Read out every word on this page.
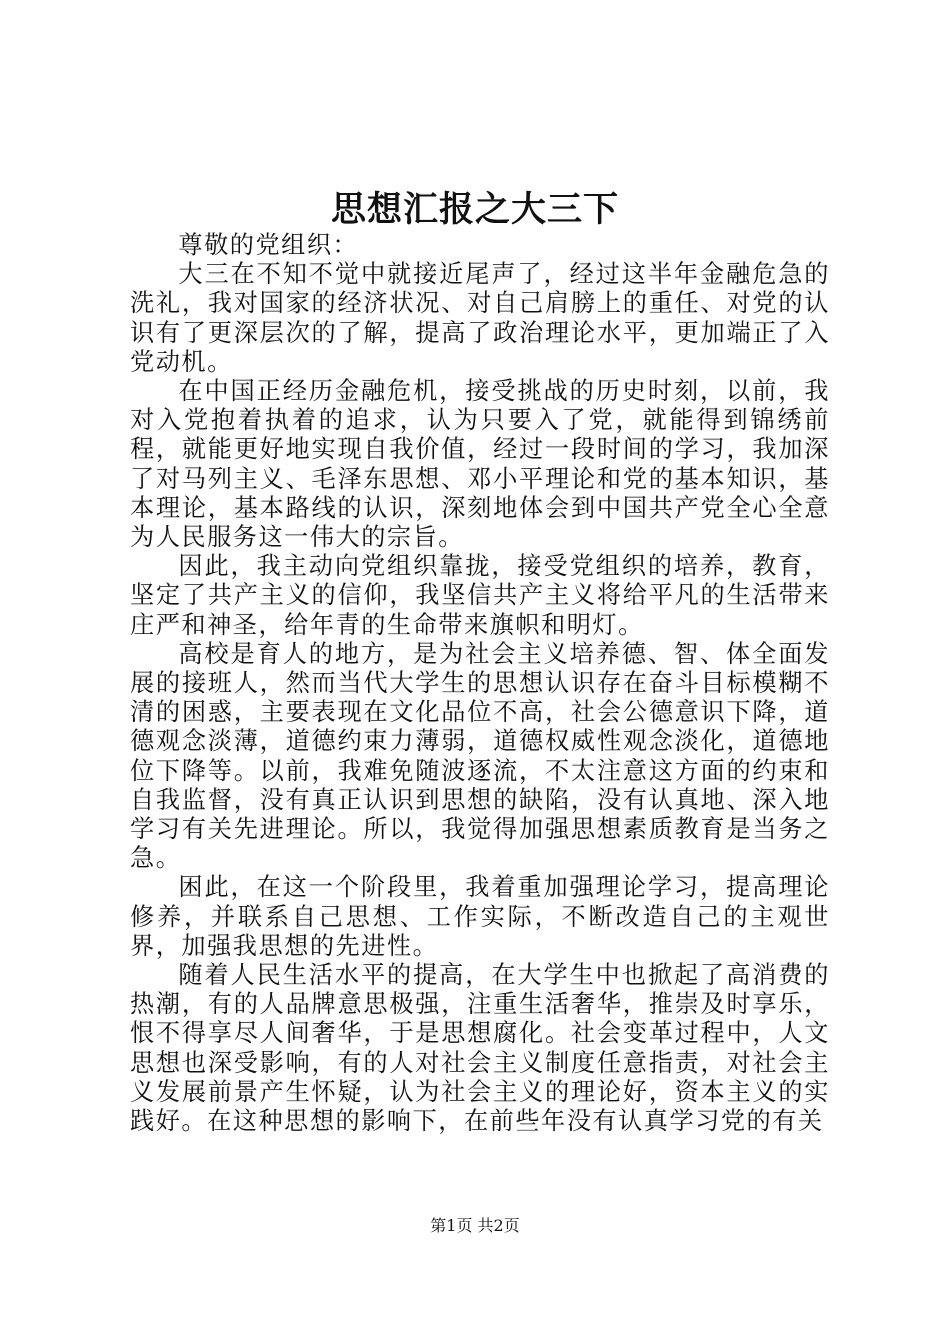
思想汇报之大三下

尊敬的党组织：

大三在不知不觉中就接近尾声了，经过这半年金融危急的洗礼，我对国家的经济状况、对自己肩膀上的重任、对党的认识有了更深层次的了解，提高了政治理论水平，更加端正了入党动机。

在中国正经历金融危机，接受挑战的历史时刻，以前，我对入党抱着执着的追求，认为只要入了党，就能得到锦绣前程，就能更好地实现自我价值，经过一段时间的学习，我加深了对马列主义、毛泽东思想、邓小平理论和党的基本知识，基本理论，基本路线的认识，深刻地体会到中国共产党全心全意为人民服务这一伟大的宗旨。

因此，我主动向党组织靠拢，接受党组织的培养，教育，坚定了共产主义的信仰，我坚信共产主义将给平凡的生活带来庄严和神圣，给年青的生命带来旗帜和明灯。

高校是育人的地方，是为社会主义培养德、智、体全面发展的接班人，然而当代大学生的思想认识存在奋斗目标模糊不清的困惑，主要表现在文化品位不高，社会公德意识下降，道德观念淡薄，道德约束力薄弱，道德权威性观念淡化，道德地位下降等。以前，我难免随波逐流，不太注意这方面的约束和自我监督，没有真正认识到思想的缺陷，没有认真地、深入地学习有关先进理论。所以，我觉得加强思想素质教育是当务之急。

困此，在这一个阶段里，我着重加强理论学习，提高理论修养，并联系自己思想、工作实际，不断改造自己的主观世界，加强我思想的先进性。

随着人民生活水平的提高，在大学生中也掀起了高消费的热潮，有的人品牌意思极强，注重生活奢华，推崇及时享乐，恨不得享尽人间奢华，于是思想腐化。社会变革过程中，人文思想也深受影响，有的人对社会主义制度任意指责，对社会主义发展前景产生怀疑，认为社会主义的理论好，资本主义的实践好。在这种思想的影响下，在前些年没有认真学习党的有关

第1页 共2页
